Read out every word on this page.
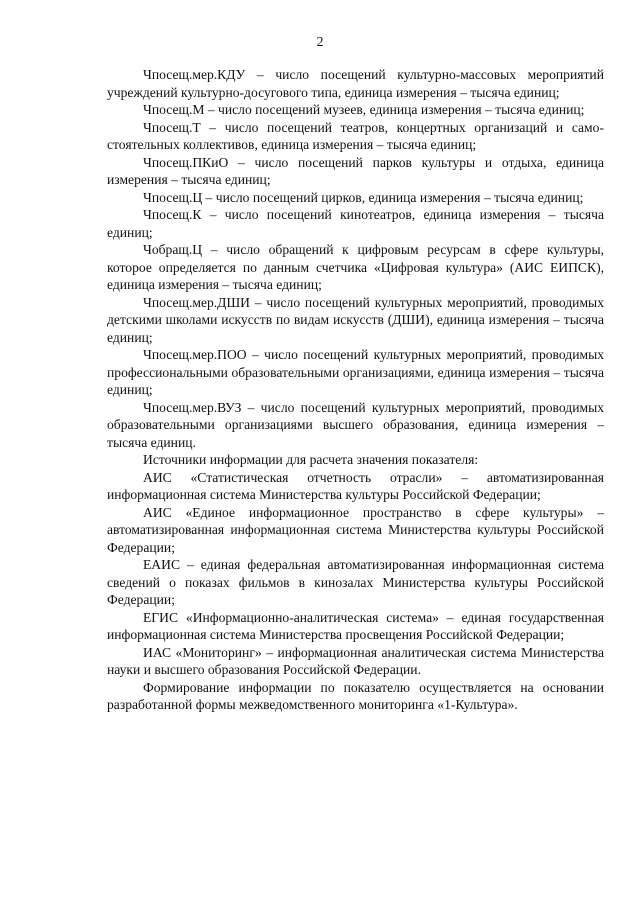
2

Чпосещ.мер.КДУ – число посещений культурно-массовых мероприятий учреждений культурно-досугового типа, единица измерения – тысяча единиц;

Чпосещ.М – число посещений музеев, единица измерения – тысяча единиц;

Чпосещ.Т – число посещений театров, концертных организаций и самостоятельных коллективов, единица измерения – тысяча единиц;

Чпосещ.ПКиО – число посещений парков культуры и отдыха, единица измерения – тысяча единиц;

Чпосещ.Ц – число посещений цирков, единица измерения – тысяча единиц;

Чпосещ.К – число посещений кинотеатров, единица измерения – тысяча единиц;

Чобращ.Ц – число обращений к цифровым ресурсам в сфере культуры, которое определяется по данным счетчика «Цифровая культура» (АИС ЕИПСК), единица измерения – тысяча единиц;

Чпосещ.мер.ДШИ – число посещений культурных мероприятий, проводимых детскими школами искусств по видам искусств (ДШИ), единица измерения – тысяча единиц;

Чпосещ.мер.ПОО – число посещений культурных мероприятий, проводимых профессиональными образовательными организациями, единица измерения – тысяча единиц;

Чпосещ.мер.ВУЗ – число посещений культурных мероприятий, проводимых образовательными организациями высшего образования, единица измерения – тысяча единиц.

Источники информации для расчета значения показателя:

АИС «Статистическая отчетность отрасли» – автоматизированная информационная система Министерства культуры Российской Федерации;

АИС «Единое информационное пространство в сфере культуры» – автоматизированная информационная система Министерства культуры Российской Федерации;

ЕАИС – единая федеральная автоматизированная информационная система сведений о показах фильмов в кинозалах Министерства культуры Российской Федерации;

ЕГИС «Информационно-аналитическая система» – единая государственная информационная система Министерства просвещения Российской Федерации;

ИАС «Мониторинг» – информационная аналитическая система Министерства науки и высшего образования Российской Федерации.

Формирование информации по показателю осуществляется на основании разработанной формы межведомственного мониторинга «1-Культура».
